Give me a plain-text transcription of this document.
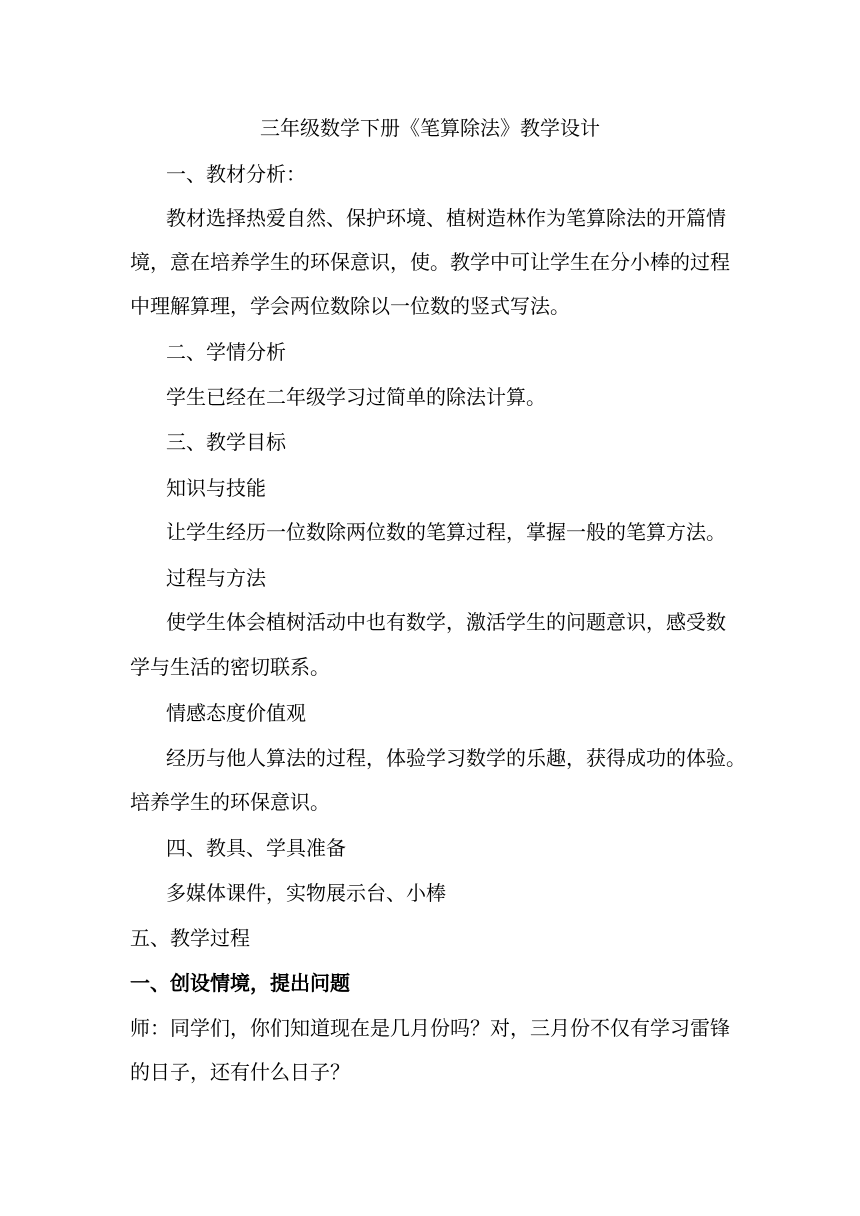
三年级数学下册《笔算除法》教学设计
一、教材分析：
教材选择热爱自然、保护环境、植树造林作为笔算除法的开篇情
境，意在培养学生的环保意识，使。教学中可让学生在分小棒的过程
中理解算理，学会两位数除以一位数的竖式写法。
二、学情分析
学生已经在二年级学习过简单的除法计算。
三、教学目标
知识与技能
让学生经历一位数除两位数的笔算过程，掌握一般的笔算方法。
过程与方法
使学生体会植树活动中也有数学，激活学生的问题意识，感受数
学与生活的密切联系。
情感态度价值观
经历与他人算法的过程，体验学习数学的乐趣，获得成功的体验。
培养学生的环保意识。
四、教具、学具准备
多媒体课件，实物展示台、小棒
五、教学过程
一、创设情境，提出问题
师：同学们，你们知道现在是几月份吗？对，三月份不仅有学习雷锋
的日子，还有什么日子？
